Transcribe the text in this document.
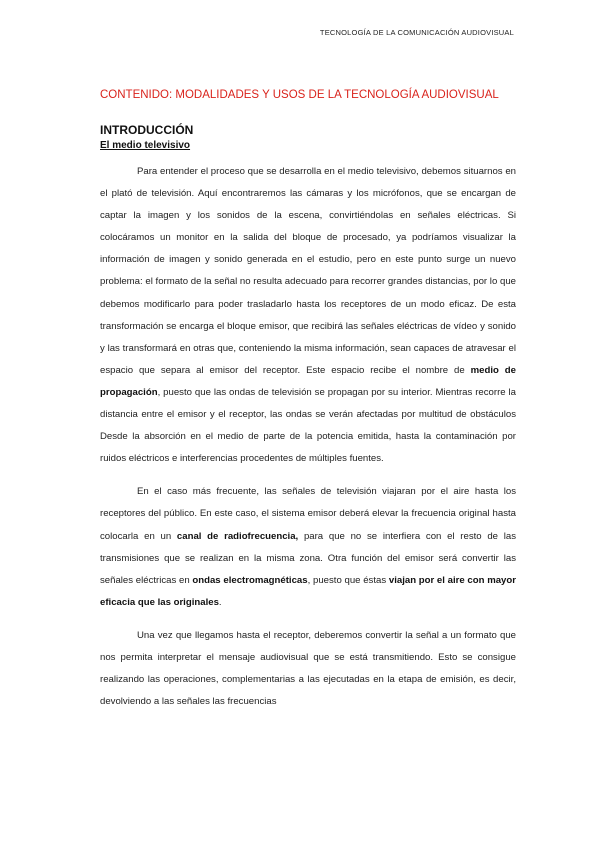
TECNOLOGÍA DE LA COMUNICACIÓN AUDIOVISUAL
CONTENIDO: MODALIDADES Y USOS DE LA TECNOLOGÍA AUDIOVISUAL
INTRODUCCIÓN
El medio televisivo

Para entender el proceso que se desarrolla en el medio televisivo, debemos situarnos en el plató de televisión. Aquí encontraremos las cámaras y los micrófonos, que se encargan de captar la imagen y los sonidos de la escena, convirtiéndolas en señales eléctricas. Si colocáramos un monitor en la salida del bloque de procesado, ya podríamos visualizar la información de imagen y sonido generada en el estudio, pero en este punto surge un nuevo problema: el formato de la señal no resulta adecuado para recorrer grandes distancias, por lo que debemos modificarlo para poder trasladarlo hasta los receptores de un modo eficaz. De esta transformación se encarga el bloque emisor, que recibirá las señales eléctricas de vídeo y sonido y las transformará en otras que, conteniendo la misma información, sean capaces de atravesar el espacio que separa al emisor del receptor. Este espacio recibe el nombre de medio de propagación, puesto que las ondas de televisión se propagan por su interior. Mientras recorre la distancia entre el emisor y el receptor, las ondas se verán afectadas por multitud de obstáculos Desde la absorción en el medio de parte de la potencia emitida, hasta la contaminación por ruidos eléctricos e interferencias procedentes de múltiples fuentes.

En el caso más frecuente, las señales de televisión viajaran por el aire hasta los receptores del público. En este caso, el sistema emisor deberá elevar la frecuencia original hasta colocarla en un canal de radiofrecuencia, para que no se interfiera con el resto de las transmisiones que se realizan en la misma zona. Otra función del emisor será convertir las señales eléctricas en ondas electromagnéticas, puesto que éstas viajan por el aire con mayor eficacia que las originales.

Una vez que llegamos hasta el receptor, deberemos convertir la señal a un formato que nos permita interpretar el mensaje audiovisual que se está transmitiendo. Esto se consigue realizando las operaciones, complementarias a las ejecutadas en la etapa de emisión, es decir, devolviendo a las señales las frecuencias
